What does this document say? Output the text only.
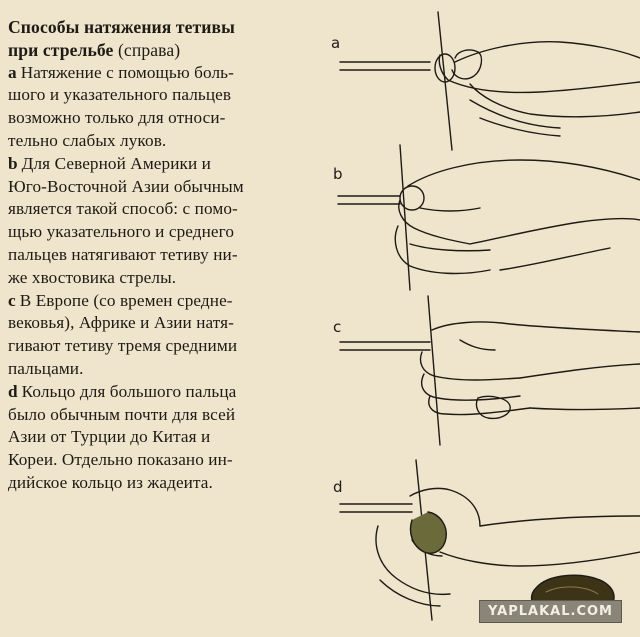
Способы натяжения тетивы
при стрельбе (справа)

a Натяжение с помощью боль-
шого и указательного пальцев
возможно только для относи-
тельно слабых луков.

b Для Северной Америки и
Юго-Восточной Азии обычным
является такой способ: с помо-
щью указательного и среднего
пальцев натягивают тетиву ни-
же хвостовика стрелы.

c В Европе (со времен средне-
вековья), Африке и Азии натя-
гивают тетиву тремя средними
пальцами.

d Кольцо для большого пальца
было обычным почти для всей
Азии от Турции до Китая и
Кореи. Отдельно показано ин-
дийское кольцо из жадеита.

a
b
c
d
YAPLAKAL.COM
